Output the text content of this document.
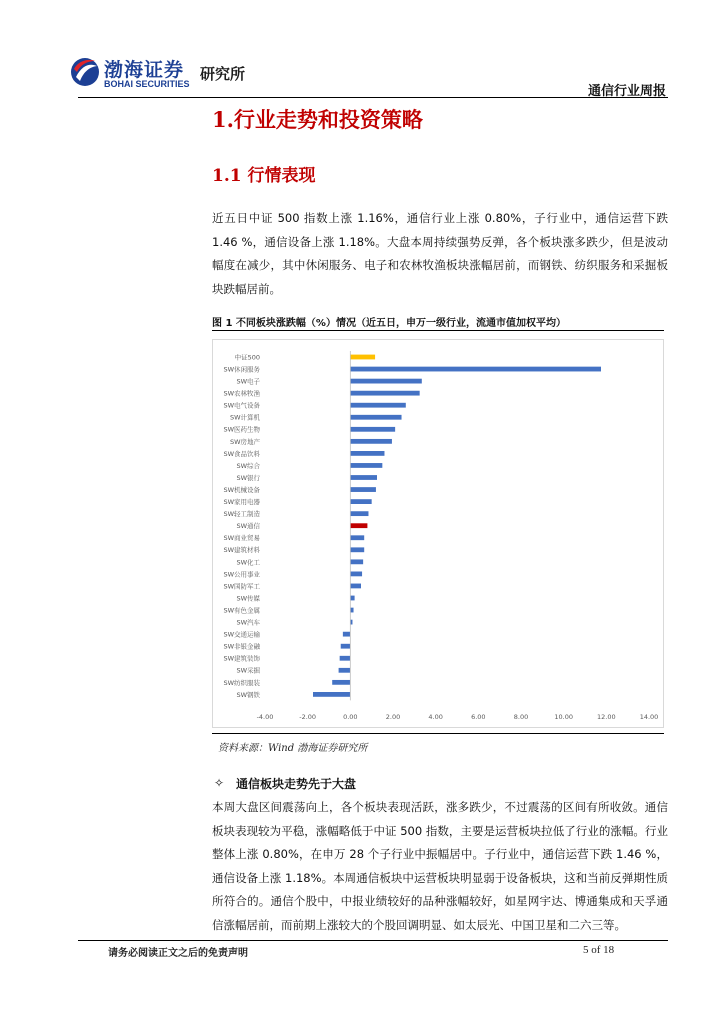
渤海证券
BOHAI SECURITIES
研究所
通信行业周报
1.行业走势和投资策略
1.1 行情表现
近五日中证 500 指数上涨 1.16%，通信行业上涨 0.80%，子行业中，通信运营下跌 1.46 %，通信设备上涨 1.18%。大盘本周持续强势反弹，各个板块涨多跌少，但是波动幅度在减少，其中休闲服务、电子和农林牧渔板块涨幅居前，而钢铁、纺织服务和采掘板块跌幅居前。
图 1 不同板块涨跌幅（%）情况（近五日，申万一级行业，流通市值加权平均）
中证500
SW休闲服务
SW电子
SW农林牧渔
SW电气设备
SW计算机
SW医药生物
SW房地产
SW食品饮料
SW综合
SW银行
SW机械设备
SW家用电器
SW轻工制造
SW通信
SW商业贸易
SW建筑材料
SW化工
SW公用事业
SW国防军工
SW传媒
SW有色金属
SW汽车
SW交通运输
SW非银金融
SW建筑装饰
SW采掘
SW纺织服装
SW钢铁
-4.00	-2.00	0.00	2.00	4.00	6.00	8.00	10.00	12.00	14.00
资料来源：Wind 渤海证券研究所
✧ 通信板块走势先于大盘
本周大盘区间震荡向上，各个板块表现活跃，涨多跌少，不过震荡的区间有所收敛。通信板块表现较为平稳，涨幅略低于中证 500 指数，主要是运营板块拉低了行业的涨幅。行业整体上涨 0.80%，在申万 28 个子行业中振幅居中。子行业中，通信运营下跌 1.46 %，通信设备上涨 1.18%。本周通信板块中运营板块明显弱于设备板块，这和当前反弹期性质所符合的。通信个股中，中报业绩较好的品种涨幅较好，如星网宇达、博通集成和天孚通信涨幅居前，而前期上涨较大的个股回调明显、如太辰光、中国卫星和二六三等。
请务必阅读正文之后的免责声明	5 of 18
